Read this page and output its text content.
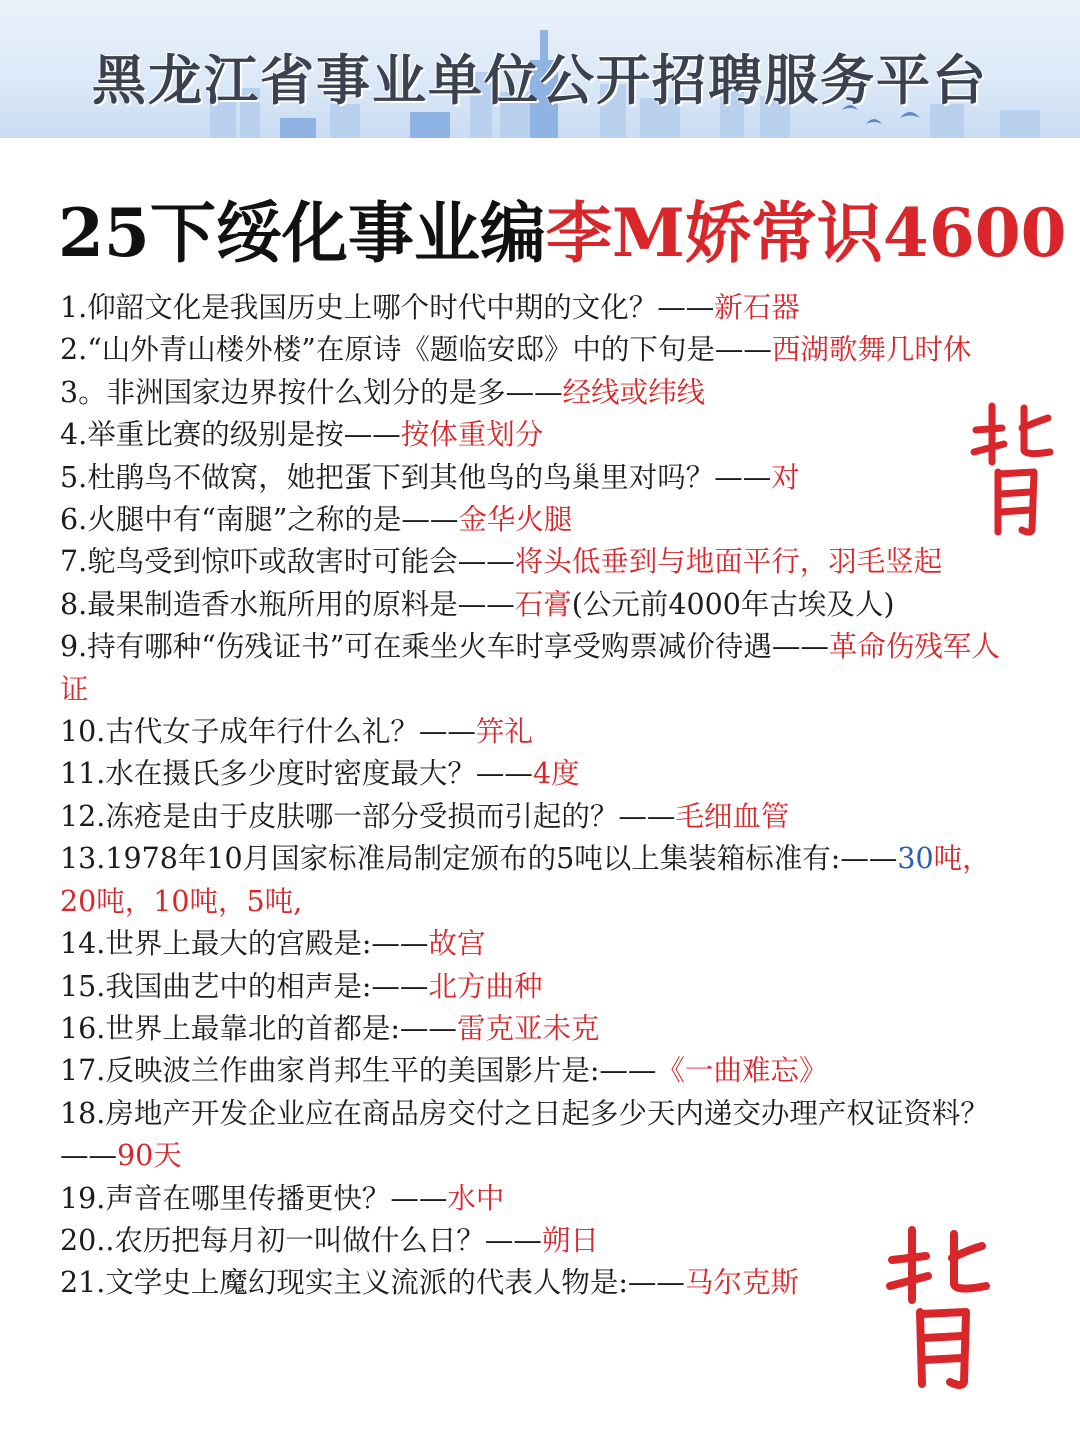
黑龙江省事业单位公开招聘服务平台
25下绥化事业编李M娇常识4600

1.仰韶文化是我国历史上哪个时代中期的文化？——新石器

2.“山外青山楼外楼”在原诗《题临安邸》中的下句是——西湖歌舞几时休

3。非洲国家边界按什么划分的是多——经线或纬线

4.举重比赛的级别是按——按体重划分

5.杜鹃鸟不做窝，她把蛋下到其他鸟的鸟巢里对吗？——对

6.火腿中有“南腿”之称的是——金华火腿

7.鸵鸟受到惊吓或敌害时可能会——将头低垂到与地面平行，羽毛竖起

8.最果制造香水瓶所用的原料是——石膏(公元前4000年古埃及人)

9.持有哪种“伤残证书”可在乘坐火车时享受购票减价待遇——革命伤残军人证

10.古代女子成年行什么礼？——笄礼

11.水在摄氏多少度时密度最大？——4度

12.冻疮是由于皮肤哪一部分受损而引起的？——毛细血管

13.1978年10月国家标准局制定颁布的5吨以上集装箱标准有:——30吨，20吨，10吨，5吨,

14.世界上最大的宫殿是:——故宫

15.我国曲艺中的相声是:——北方曲种

16.世界上最靠北的首都是:——雷克亚未克

17.反映波兰作曲家肖邦生平的美国影片是:——《一曲难忘》

18.房地产开发企业应在商品房交付之日起多少天内递交办理产权证资料？——90天

19.声音在哪里传播更快？——水中

20..农历把每月初一叫做什么日？——朔日

21.文学史上魔幻现实主义流派的代表人物是:——马尔克斯
